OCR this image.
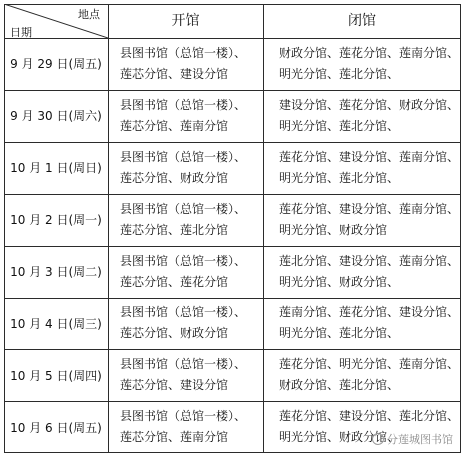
地点
日期
开馆	闭馆
9 月 29 日(周五)
县图书馆（总馆一楼）、
莲芯分馆、建设分馆
财政分馆、莲花分馆、莲南分馆、
明光分馆、莲北分馆、
9 月 30 日(周六)
县图书馆（总馆一楼）、
莲芯分馆、莲南分馆
建设分馆、莲花分馆、财政分馆、
明光分馆、莲北分馆、
10 月 1 日(周日)
县图书馆（总馆一楼）、
莲芯分馆、财政分馆
莲花分馆、建设分馆、莲南分馆、
明光分馆、莲北分馆、
10 月 2 日(周一)
县图书馆（总馆一楼）、
莲芯分馆、莲北分馆
莲花分馆、建设分馆、莲南分馆、
明光分馆、财政分馆
10 月 3 日(周二)
县图书馆（总馆一楼）、
莲芯分馆、莲花分馆
莲北分馆、建设分馆、莲南分馆、
明光分馆、财政分馆、
10 月 4 日(周三)
县图书馆（总馆一楼）、
莲芯分馆、财政分馆
莲南分馆、莲花分馆、建设分馆、
明光分馆、莲北分馆、
10 月 5 日(周四)
县图书馆（总馆一楼）、
莲芯分馆、建设分馆
莲花分馆、明光分馆、莲南分馆、
财政分馆、莲北分馆、
10 月 6 日(周五)
县图书馆（总馆一楼）、
莲芯分馆、莲南分馆
莲花分馆、建设分馆、莲北分馆、
明光分馆、财政分馆、
分莲城图书馆
